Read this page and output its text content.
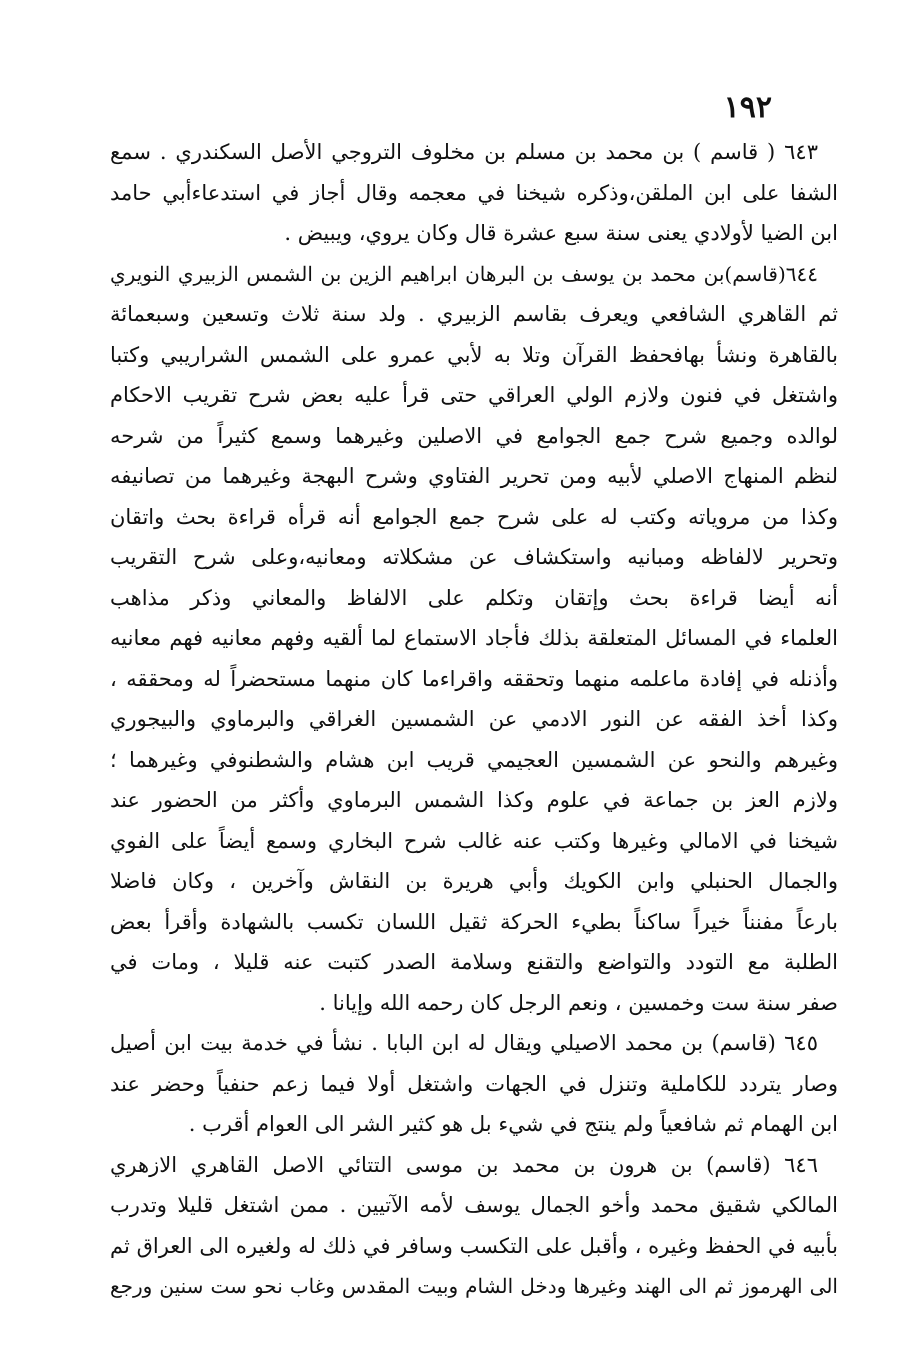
١٩٢
٦٤٣ ( قاسم ) بن محمد بن مسلم بن مخلوف التروجي الأصل السكندري . سمع
الشفا على ابن الملقن،وذكره شيخنا في معجمه وقال أجاز في استدعاءأبي حامد
ابن الضيا لأولادي يعنى سنة سبع عشرة قال وكان يروي، ويبيض .
٦٤٤(قاسم)بن محمد بن يوسف بن البرهان ابراهيم الزين بن الشمس الزبيري النويري
ثم القاهري الشافعي ويعرف بقاسم الزبيري . ولد سنة ثلاث وتسعين وسبعمائة
بالقاهرة ونشأ بهافحفظ القرآن وتلا به لأبي عمرو على الشمس الشراريبي وكتبا
واشتغل في فنون ولازم الولي العراقي حتى قرأ عليه بعض شرح تقريب الاحكام
لوالده وجميع شرح جمع الجوامع في الاصلين وغيرهما وسمع كثيراً من شرحه
لنظم المنهاج الاصلي لأبيه ومن تحرير الفتاوي وشرح البهجة وغيرهما من تصانيفه
وكذا من مروياته وكتب له على شرح جمع الجوامع أنه قرأه قراءة بحث واتقان
وتحرير لالفاظه ومبانيه واستكشاف عن مشكلاته ومعانيه،وعلى شرح التقريب
أنه أيضا قراءة بحث وإتقان وتكلم على الالفاظ والمعاني وذكر مذاهب
العلماء في المسائل المتعلقة بذلك فأجاد الاستماع لما ألقيه وفهم معانيه فهم معانيه
وأذنله في إفادة ماعلمه منهما وتحققه واقراءما كان منهما مستحضراً له ومحققه ،
وكذا أخذ الفقه عن النور الادمي عن الشمسين الغراقي والبرماوي والبيجوري
وغيرهم والنحو عن الشمسين العجيمي قريب ابن هشام والشطنوفي وغيرهما ؛
ولازم العز بن جماعة في علوم وكذا الشمس البرماوي وأكثر من الحضور عند
شيخنا في الامالي وغيرها وكتب عنه غالب شرح البخاري وسمع أيضاً على الفوي
والجمال الحنبلي وابن الكويك وأبي هريرة بن النقاش وآخرين ، وكان فاضلا
بارعاً مفنناً خيراً ساكناً بطيء الحركة ثقيل اللسان تكسب بالشهادة وأقرأ بعض
الطلبة مع التودد والتواضع والتقنع وسلامة الصدر كتبت عنه قليلا ، ومات في
صفر سنة ست وخمسين ، ونعم الرجل كان رحمه الله وإيانا .
٦٤٥ (قاسم) بن محمد الاصيلي ويقال له ابن البابا . نشأ في خدمة بيت ابن أصيل
وصار يتردد للكاملية وتنزل في الجهات واشتغل أولا فيما زعم حنفياً وحضر عند
ابن الهمام ثم شافعياً ولم ينتج في شيء بل هو كثير الشر الى العوام أقرب .
٦٤٦ (قاسم) بن هرون بن محمد بن موسى التتائي الاصل القاهري الازهري
المالكي شقيق محمد وأخو الجمال يوسف لأمه الآتيين . ممن اشتغل قليلا وتدرب
بأبيه في الحفظ وغيره ، وأقبل على التكسب وسافر في ذلك له ولغيره الى العراق ثم
الى الهرموز ثم الى الهند وغيرها ودخل الشام وبيت المقدس وغاب نحو ست سنين ورجع
